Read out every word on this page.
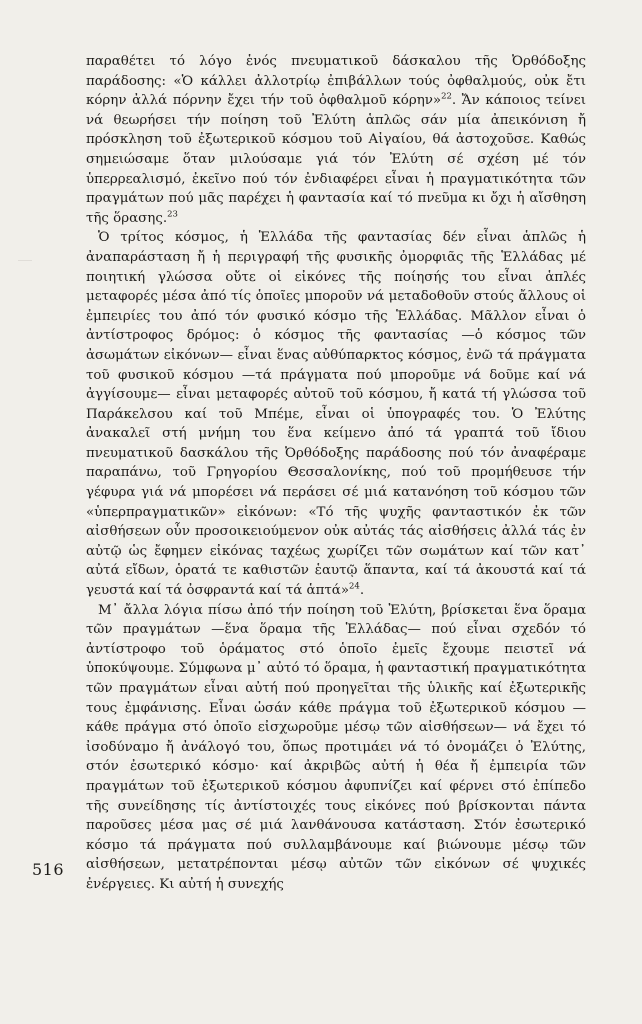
παραθέτει τό λόγο ἑνός πνευματικοῦ δάσκαλου τῆς Ὀρθόδοξης παράδοσης: «Ὁ κάλλει ἀλλοτρίῳ ἐπιβάλλων τούς ὀφθαλμούς, οὐκ ἔτι κόρην ἀλλά πόρνην ἔχει τήν τοῦ ὀφθαλμοῦ κόρην»$^{22}$. Ἄν κάποιος τείνει νά θεωρήσει τήν ποίηση τοῦ Ἐλύτη ἁπλῶς σάν μία ἀπεικόνιση ἤ πρόσκληση τοῦ ἐξωτερικοῦ κόσμου τοῦ Αἰγαίου, θά ἀστοχοῦσε. Καθώς σημειώσαμε ὅταν μιλούσαμε γιά τόν Ἐλύτη σέ σχέση μέ τόν ὑπερρεαλισμό, ἐκεῖνο πού τόν ἐνδιαφέρει εἶναι ἡ πραγματικότητα τῶν πραγμάτων πού μᾶς παρέχει ἡ φαντασία καί τό πνεῦμα κι ὄχι ἡ αἴσθηση τῆς ὅρασης.$^{23}$

Ὁ τρίτος κόσμος, ἡ Ἑλλάδα τῆς φαντασίας δέν εἶναι ἁπλῶς ἡ ἀναπαράσταση ἤ ἡ περιγραφή τῆς φυσικῆς ὀμορφιᾶς τῆς Ἑλλάδας μέ ποιητική γλώσσα οὔτε οἱ εἰκόνες τῆς ποίησής του εἶναι ἁπλές μεταφορές μέσα ἀπό τίς ὁποῖες μποροῦν νά μεταδοθοῦν στούς ἄλλους οἱ ἐμπειρίες του ἀπό τόν φυσικό κόσμο τῆς Ἑλλάδας. Μᾶλλον εἶναι ὁ ἀντίστροφος δρόμος: ὁ κόσμος τῆς φαντασίας —ὁ κόσμος τῶν ἀσωμάτων εἰκόνων— εἶναι ἕνας αὐθύπαρκτος κόσμος, ἐνῶ τά πράγματα τοῦ φυσικοῦ κόσμου —τά πράγματα πού μποροῦμε νά δοῦμε καί νά ἀγγίσουμε— εἶναι μεταφορές αὐτοῦ τοῦ κόσμου, ἤ κατά τή γλώσσα τοῦ Παράκελσου καί τοῦ Μπέμε, εἶναι οἱ ὑπογραφές του. Ὁ Ἐλύτης ἀνακαλεῖ στή μνήμη του ἕνα κείμενο ἀπό τά γραπτά τοῦ ἴδιου πνευματικοῦ δασκάλου τῆς Ὀρθόδοξης παράδοσης πού τόν ἀναφέραμε παραπάνω, τοῦ Γρηγορίου Θεσσαλονίκης, πού τοῦ προμήθευσε τήν γέφυρα γιά νά μπορέσει νά περάσει σέ μιά κατανόηση τοῦ κόσμου τῶν «ὑπερπραγματικῶν» εἰκόνων: «Τό τῆς ψυχῆς φανταστικόν ἐκ τῶν αἰσθήσεων οὖν προσοικειούμενον οὐκ αὐτάς τάς αἰσθήσεις ἀλλά τάς ἐν αὐτῷ ὡς ἔφημεν εἰκόνας ταχέως χωρίζει τῶν σωμάτων καί τῶν κατ᾽ αὐτά εἴδων, ὁρατά τε καθιστῶν ἑαυτῷ ἅπαντα, καί τά ἀκουστά καί τά γευστά καί τά ὀσφραντά καί τά ἁπτά»$^{24}$.

Μ᾽ ἄλλα λόγια πίσω ἀπό τήν ποίηση τοῦ Ἐλύτη, βρίσκεται ἕνα ὅραμα τῶν πραγμάτων —ἕνα ὅραμα τῆς Ἑλλάδας— πού εἶναι σχεδόν τό ἀντίστροφο τοῦ ὁράματος στό ὁποῖο ἐμεῖς ἔχουμε πειστεῖ νά ὑποκύψουμε. Σύμφωνα μ᾽ αὐτό τό ὅραμα, ἡ φανταστική πραγματικότητα τῶν πραγμάτων εἶναι αὐτή πού προηγεῖται τῆς ὑλικῆς καί ἐξωτερικῆς τους ἐμφάνισης. Εἶναι ὡσάν κάθε πράγμα τοῦ ἐξωτερικοῦ κόσμου —κάθε πράγμα στό ὁποῖο εἰσχωροῦμε μέσῳ τῶν αἰσθήσεων— νά ἔχει τό ἰσοδύναμο ἤ ἀνάλογό του, ὅπως προτιμάει νά τό ὀνομάζει ὁ Ἐλύτης, στόν ἐσωτερικό κόσμο· καί ἀκριβῶς αὐτή ἡ θέα ἤ ἐμπειρία τῶν πραγμάτων τοῦ ἐξωτερικοῦ κόσμου ἀφυπνίζει καί φέρνει στό ἐπίπεδο τῆς συνείδησης τίς ἀντίστοιχές τους εἰκόνες πού βρίσκονται πάντα παροῦσες μέσα μας σέ μιά λανθάνουσα κατάσταση. Στόν ἐσωτερικό κόσμο τά πράγματα πού συλλαμβάνουμε καί βιώνουμε μέσῳ τῶν αἰσθήσεων, μετατρέπονται μέσῳ αὐτῶν τῶν εἰκόνων σέ ψυχικές ἐνέργειες. Κι αὐτή ἡ συνεχής

516
